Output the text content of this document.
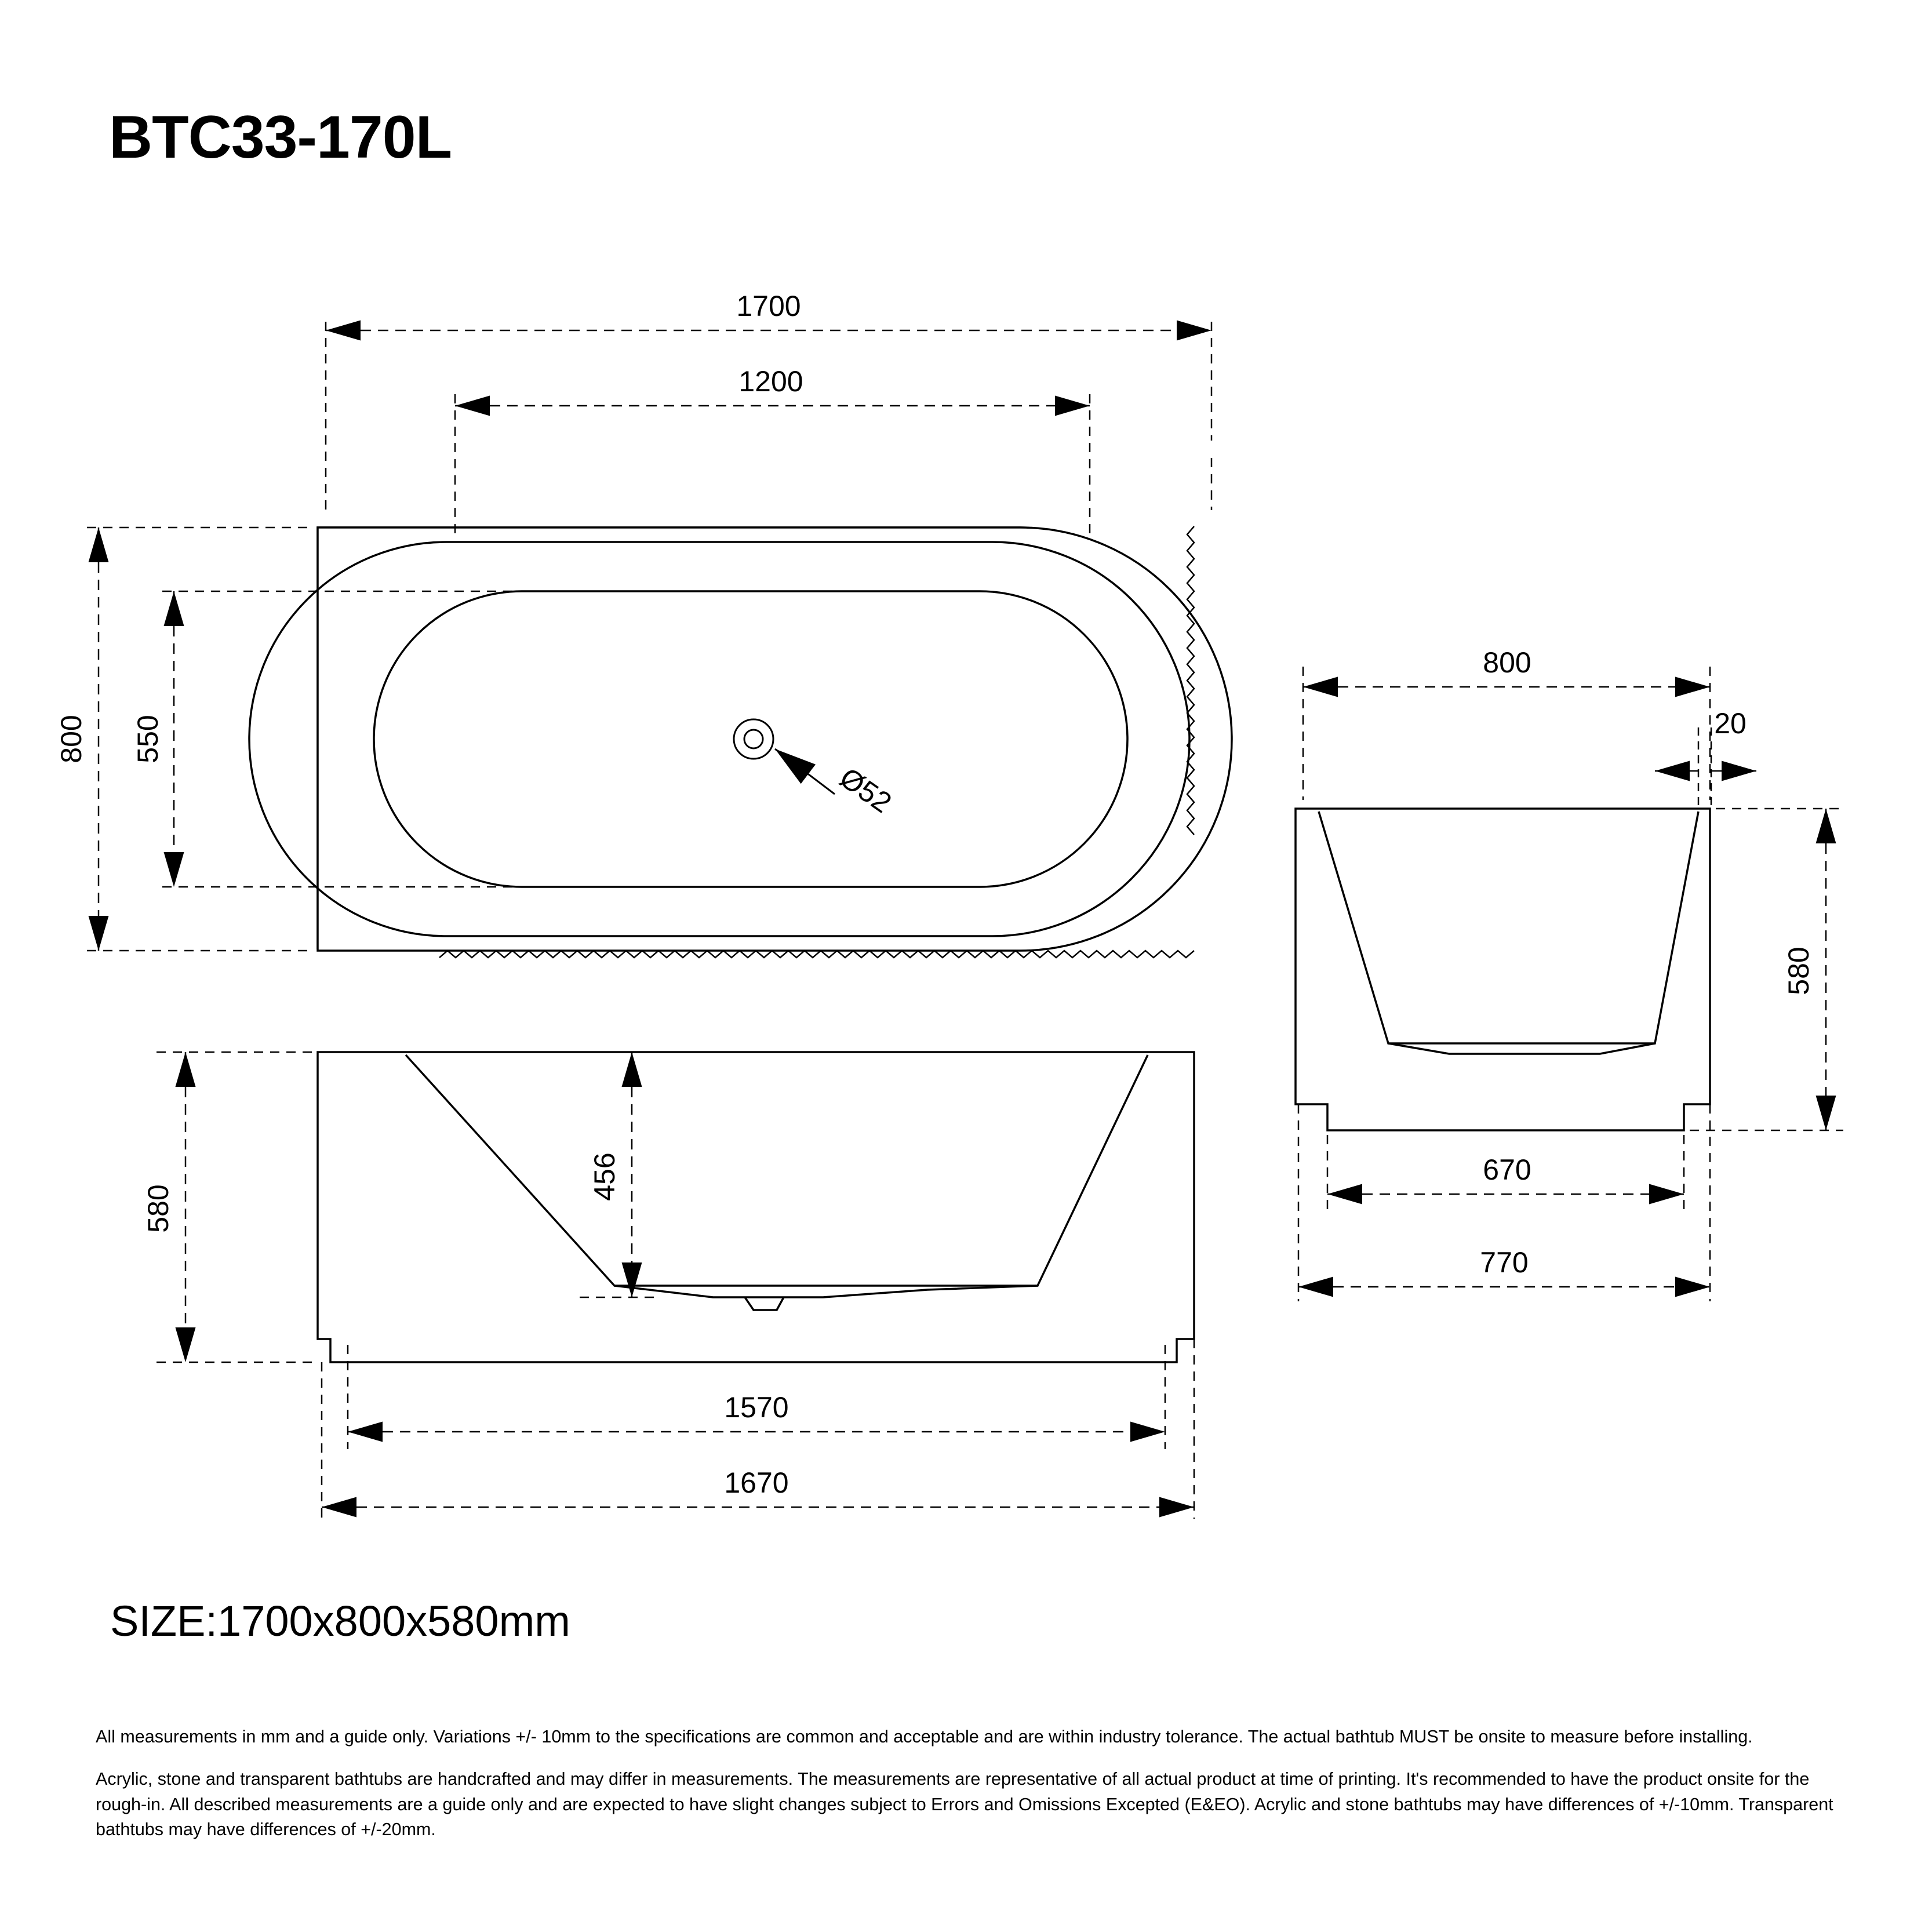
BTC33-170L
1700
1200
800 550
Ø52
580
456
1570
1670
800
20
580
670
770
SIZE:1700x800x580mm

All measurements in mm and a guide only. Variations +/- 10mm to the specifications are common and acceptable and are within industry tolerance. The actual bathtub MUST be onsite to measure before installing.

Acrylic, stone and transparent bathtubs are handcrafted and may differ in measurements. The measurements are representative of all actual product at time of printing. It's recommended to have the product onsite for the rough-in. All described measurements are a guide only and are expected to have slight changes subject to Errors and Omissions Excepted (E&EO). Acrylic and stone bathtubs may have differences of +/-10mm. Transparent bathtubs may have differences of +/-20mm.
